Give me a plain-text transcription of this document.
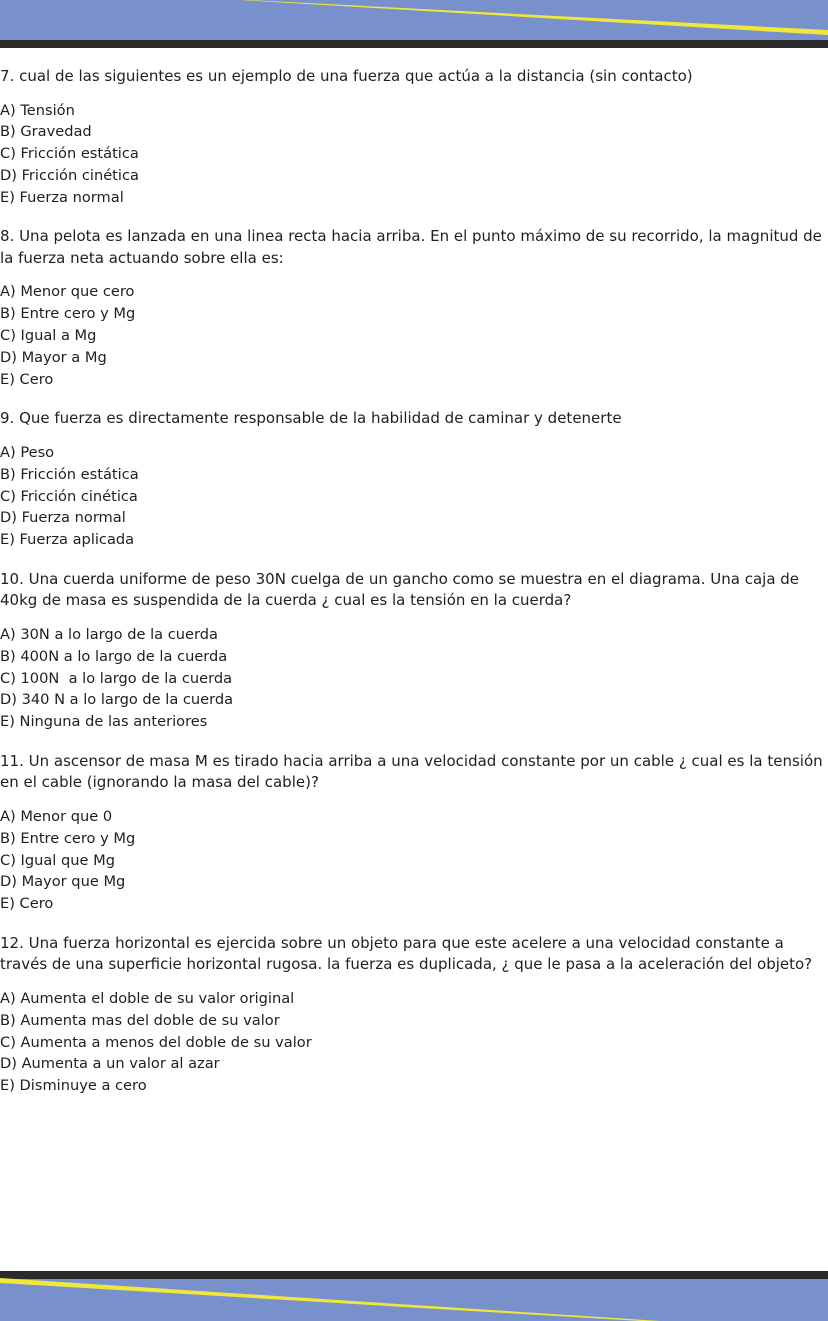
7. cual de las siguientes es un ejemplo de una fuerza que actúa a la distancia (sin contacto)

A) Tensión
B) Gravedad
C) Fricción estática
D) Fricción cinética
E) Fuerza normal

8. Una pelota es lanzada en una linea recta hacia arriba. En el punto máximo de su recorrido, la magnitud de la fuerza neta actuando sobre ella es:

A) Menor que cero
B) Entre cero y Mg
C) Igual a Mg
D) Mayor a Mg
E) Cero

9. Que fuerza es directamente responsable de la habilidad de caminar y detenerte

A) Peso
B) Fricción estática
C) Fricción cinética
D) Fuerza normal
E) Fuerza aplicada

10. Una cuerda uniforme de peso 30N cuelga de un gancho como se muestra en el diagrama. Una caja de 40kg de masa es suspendida de la cuerda ¿ cual es la tensión en la cuerda?

A) 30N a lo largo de la cuerda
B) 400N a lo largo de la cuerda
C) 100N  a lo largo de la cuerda
D) 340 N a lo largo de la cuerda
E) Ninguna de las anteriores

11. Un ascensor de masa M es tirado hacia arriba a una velocidad constante por un cable ¿ cual es la tensión en el cable (ignorando la masa del cable)?

A) Menor que 0
B) Entre cero y Mg
C) Igual que Mg
D) Mayor que Mg
E) Cero

12. Una fuerza horizontal es ejercida sobre un objeto para que este acelere a una velocidad constante a través de una superficie horizontal rugosa. la fuerza es duplicada, ¿ que le pasa a la aceleración del objeto?

A) Aumenta el doble de su valor original
B) Aumenta mas del doble de su valor
C) Aumenta a menos del doble de su valor
D) Aumenta a un valor al azar
E) Disminuye a cero
